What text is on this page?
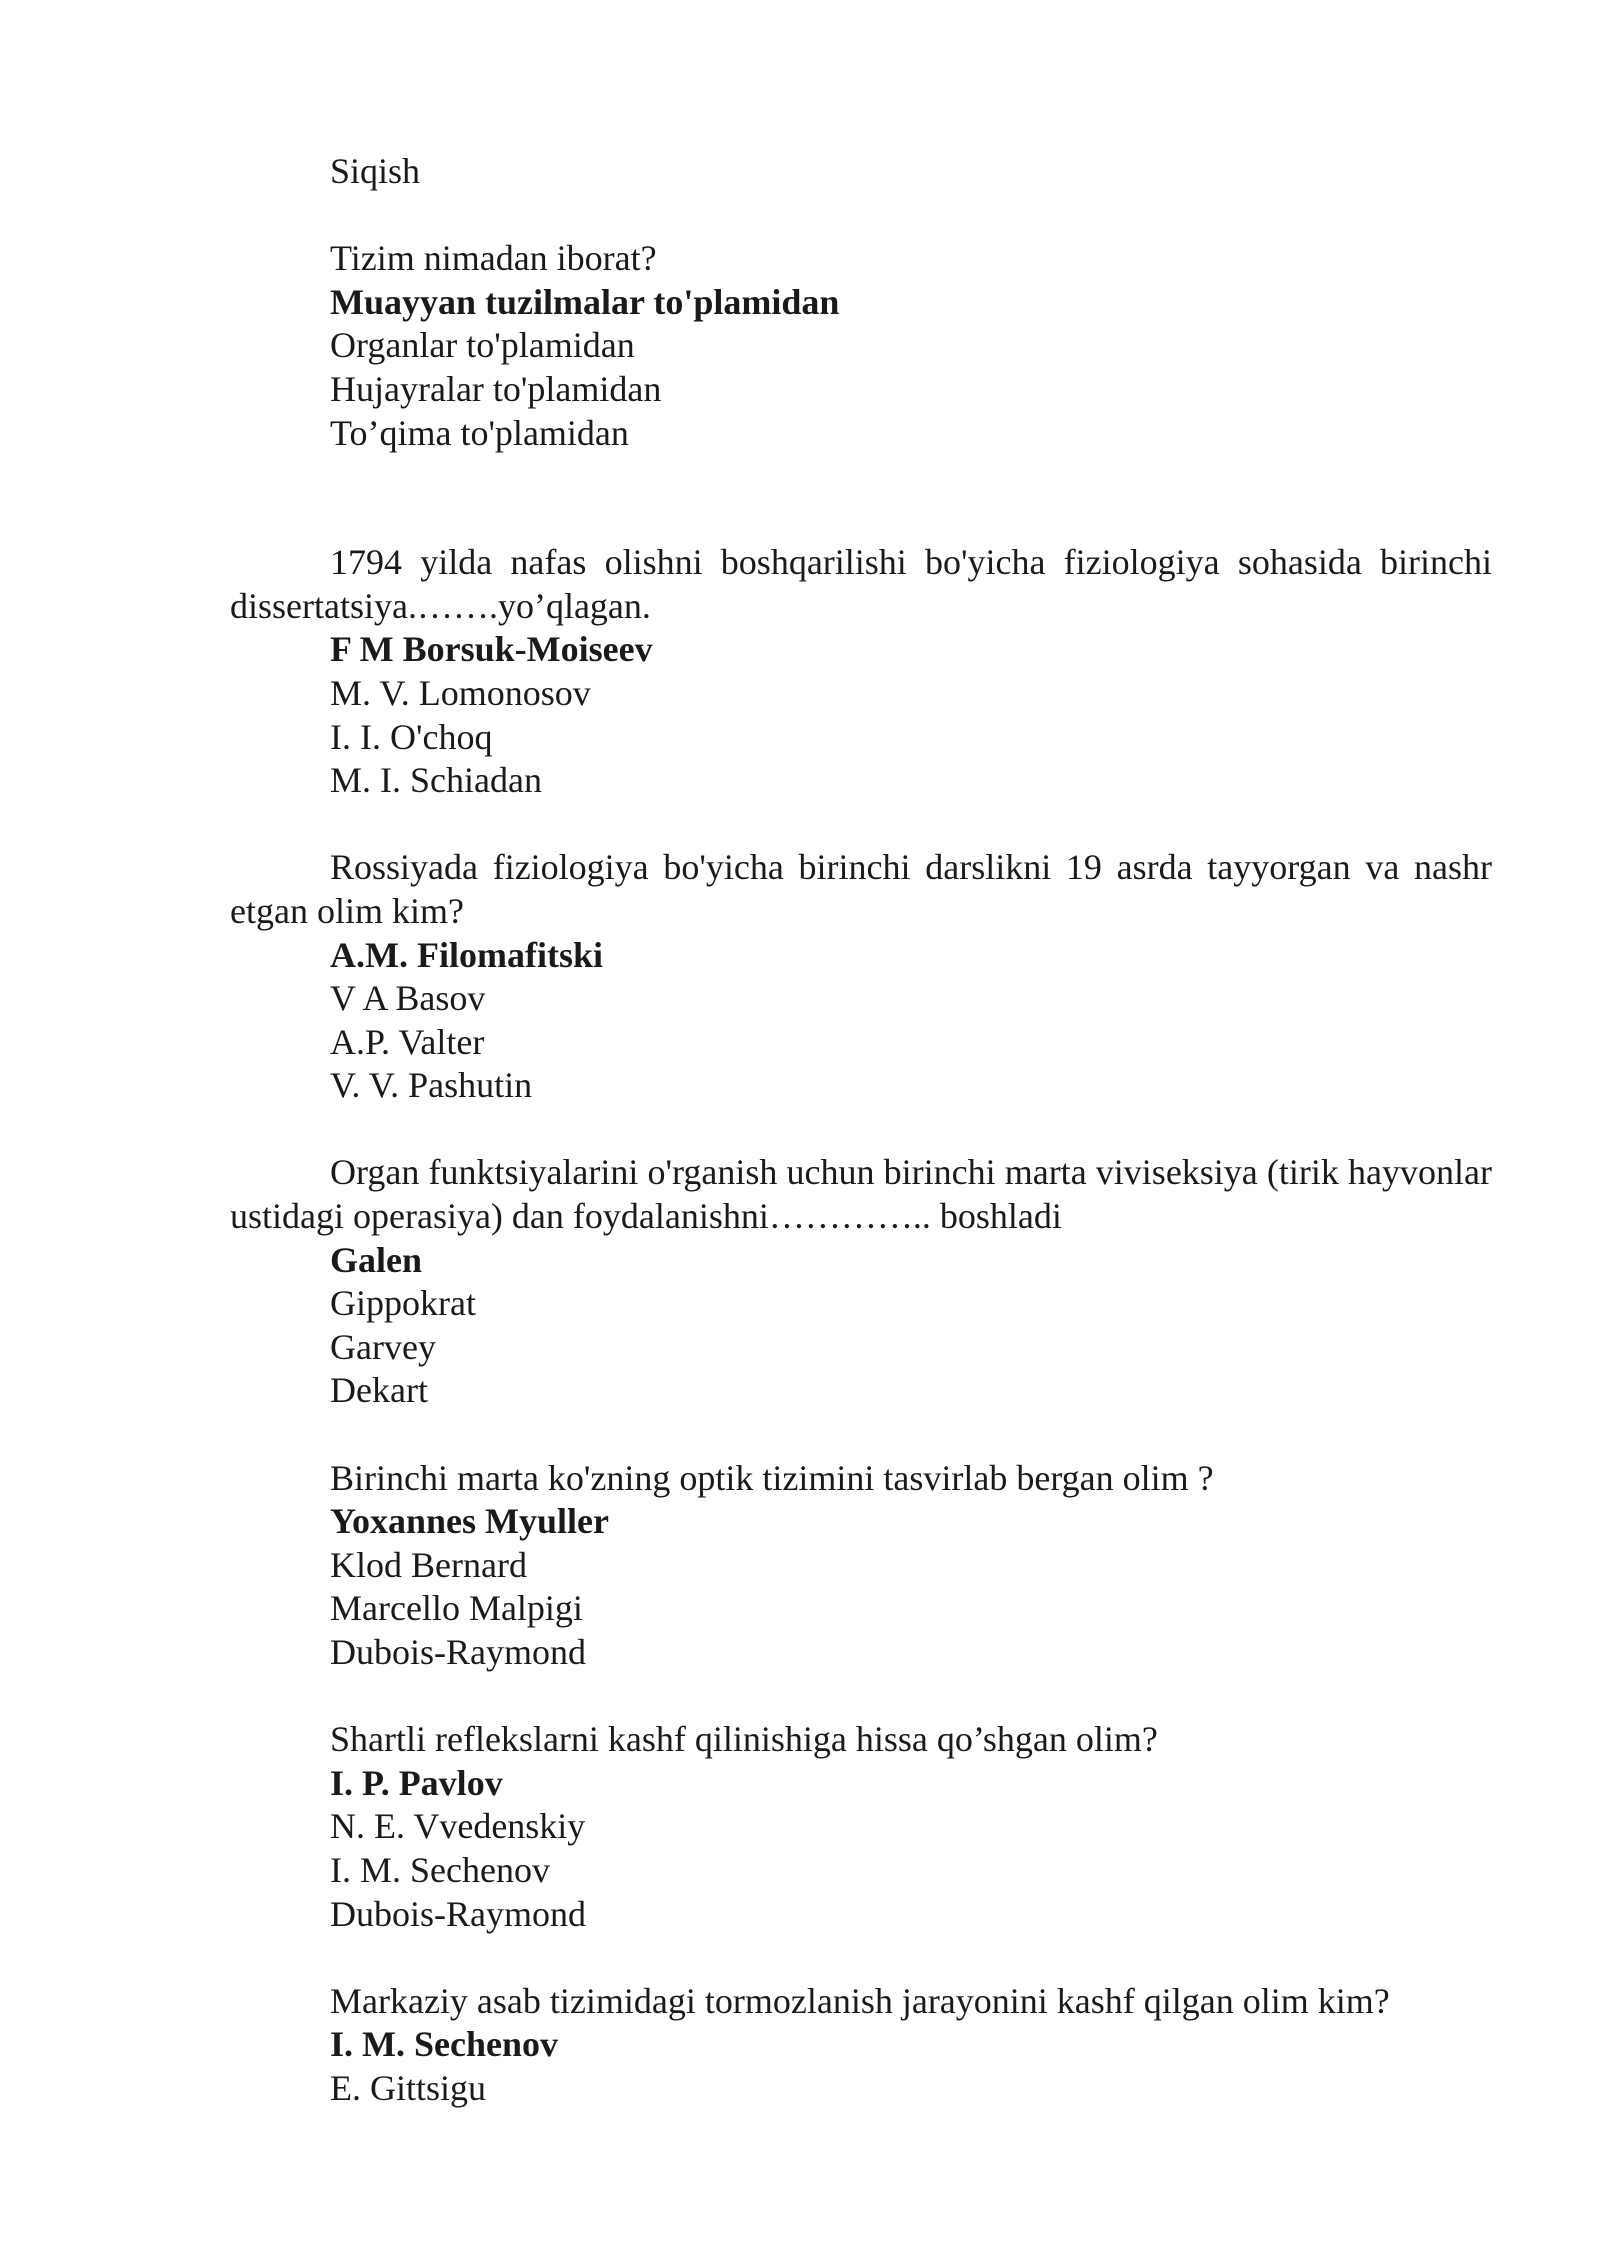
Siqish
Tizim nimadan iborat?
Muayyan tuzilmalar to'plamidan
Organlar to'plamidan
Hujayralar to'plamidan
To’qima to'plamidan

1794 yilda nafas olishni boshqarilishi bo'yicha fiziologiya sohasida birinchi dissertatsiya.…….yo’qlagan.

F M Borsuk-Moiseev
M. V. Lomonosov
I. I. O'choq
M. I. Schiadan

Rossiyada fiziologiya bo'yicha birinchi darslikni 19 asrda tayyorgan va nashr etgan olim kim?

A.M. Filomafitski
V A Basov
A.P. Valter
V. V. Pashutin

Organ funktsiyalarini o'rganish uchun birinchi marta viviseksiya (tirik hayvonlar ustidagi operasiya) dan foydalanishni………….. boshladi

Galen
Gippokrat
Garvey
Dekart
Birinchi marta ko'zning optik tizimini tasvirlab bergan olim ?
Yoxannes Myuller
Klod Bernard
Marcello Malpigi
Dubois-Raymond
Shartli reflekslarni kashf qilinishiga hissa qo’shgan olim?
I. P. Pavlov
N. E. Vvedenskiy
I. M. Sechenov
Dubois-Raymond
Markaziy asab tizimidagi tormozlanish jarayonini kashf qilgan olim kim?
I. M. Sechenov
E. Gittsigu
